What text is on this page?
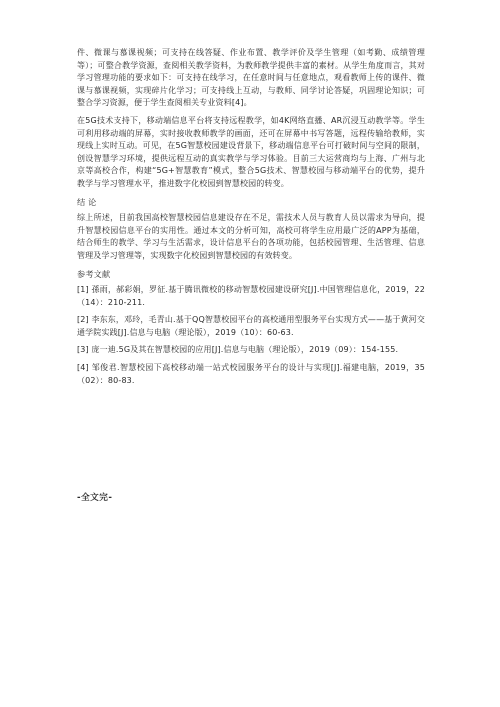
件、微课与慕课视频；可支持在线答疑、作业布置、教学评价及学生管理（如考勤、成绩管理等）；可整合教学资源，查阅相关教学资料，为教师教学提供丰富的素材。从学生角度而言，其对学习管理功能的要求如下：可支持在线学习，在任意时间与任意地点，观看教师上传的课件、微课与慕课视频，实现碎片化学习；可支持线上互动，与教师、同学讨论答疑，巩固理论知识；可整合学习资源，便于学生查阅相关专业资料[4]。

在5G技术支持下，移动端信息平台将支持远程教学，如4K网络直播、AR沉浸互动教学等。学生可利用移动端的屏幕，实时接收教师教学的画面，还可在屏幕中书写答题，远程传输给教师，实现线上实时互动。可见，在5G智慧校园建设背景下，移动端信息平台可打破时间与空间的限制，创设智慧学习环境，提供远程互动的真实教学与学习体验。目前三大运营商均与上海、广州与北京等高校合作，构建“5G+智慧教育”模式，整合5G技术、智慧校园与移动端平台的优势，提升教学与学习管理水平，推进数字化校园到智慧校园的转变。

结 论

综上所述，目前我国高校智慧校园信息建设存在不足，需技术人员与教育人员以需求为导向，提升智慧校园信息平台的实用性。通过本文的分析可知，高校可将学生应用最广泛的APP为基础，结合师生的教学、学习与生活需求，设计信息平台的各项功能，包括校园管理、生活管理、信息管理及学习管理等，实现数字化校园到智慧校园的有效转变。

参考文献

[1] 孫雨，郝彩娟，罗征.基于腾讯微校的移动智慧校园建设研究[J].中国管理信息化，2019，22（14）：210-211.

[2] 李东东，邓玲，毛青山.基于QQ智慧校园平台的高校通用型服务平台实现方式——基于黄河交通学院实践[J].信息与电脑（理论版），2019（10）：60-63.

[3] 庞一迪.5G及其在智慧校园的应用[J].信息与电脑（理论版），2019（09）：154-155.

[4] 邹俊君.智慧校园下高校移动端一站式校园服务平台的设计与实现[J].福建电脑，2019，35（02）：80-83.

-全文完-
